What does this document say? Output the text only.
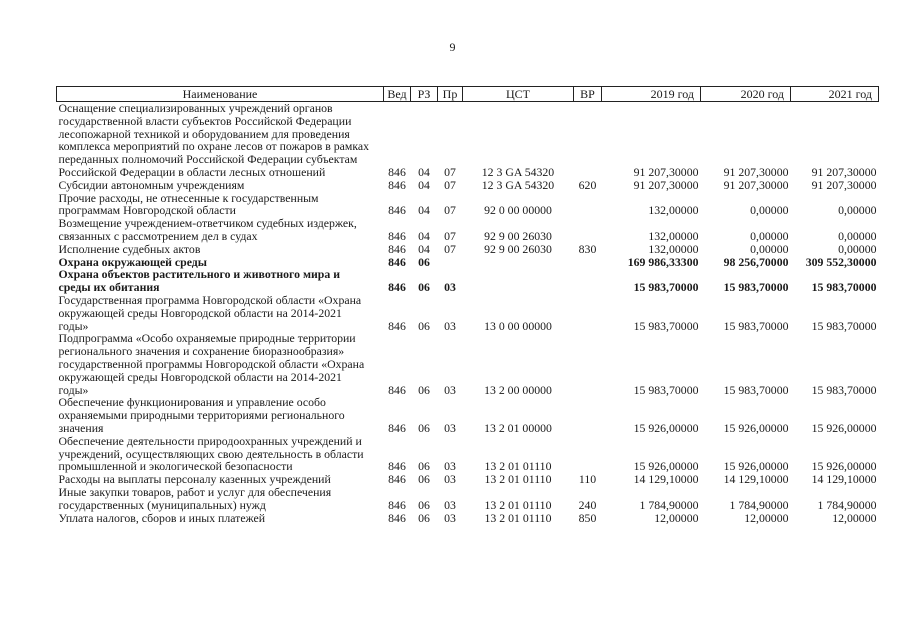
9
Наименование	Вед	РЗ	Пр	ЦСТ	ВР	2019 год	2020 год	2021 год
Оснащение специализированных учреждений органов государственной власти субъектов Российской Федерации лесопожарной техникой и оборудованием для проведения комплекса мероприятий по охране лесов от пожаров в рамках переданных полномочий Российской Федерации субъектам Российской Федерации в области лесных отношений	846	04	07	12 3 GA 54320		91 207,30000	91 207,30000	91 207,30000
Субсидии автономным учреждениям	846	04	07	12 3 GA 54320	620	91 207,30000	91 207,30000	91 207,30000
Прочие расходы, не отнесенные к государственным программам Новгородской области	846	04	07	92 0 00 00000		132,00000	0,00000	0,00000
Возмещение учреждением-ответчиком судебных издержек, связанных с рассмотрением дел в судах	846	04	07	92 9 00 26030		132,00000	0,00000	0,00000
Исполнение судебных актов	846	04	07	92 9 00 26030	830	132,00000	0,00000	0,00000
Охрана окружающей среды	846	06				169 986,33300	98 256,70000	309 552,30000
Охрана объектов растительного и животного мира и среды их обитания	846	06	03			15 983,70000	15 983,70000	15 983,70000
Государственная программа Новгородской области «Охрана окружающей среды Новгородской области на 2014-2021 годы»	846	06	03	13 0 00 00000		15 983,70000	15 983,70000	15 983,70000
Подпрограмма «Особо охраняемые природные территории регионального значения и сохранение биоразнообразия» государственной программы Новгородской области «Охрана окружающей среды Новгородской области на 2014-2021 годы»	846	06	03	13 2 00 00000		15 983,70000	15 983,70000	15 983,70000
Обеспечение функционирования и управление особо охраняемыми природными территориями регионального значения	846	06	03	13 2 01 00000		15 926,00000	15 926,00000	15 926,00000
Обеспечение деятельности природоохранных учреждений и учреждений, осуществляющих свою деятельность в области промышленной и экологической безопасности	846	06	03	13 2 01 01110		15 926,00000	15 926,00000	15 926,00000
Расходы на выплаты персоналу казенных учреждений	846	06	03	13 2 01 01110	110	14 129,10000	14 129,10000	14 129,10000
Иные закупки товаров, работ и услуг для обеспечения государственных (муниципальных) нужд	846	06	03	13 2 01 01110	240	1 784,90000	1 784,90000	1 784,90000
Уплата налогов, сборов и иных платежей	846	06	03	13 2 01 01110	850	12,00000	12,00000	12,00000
